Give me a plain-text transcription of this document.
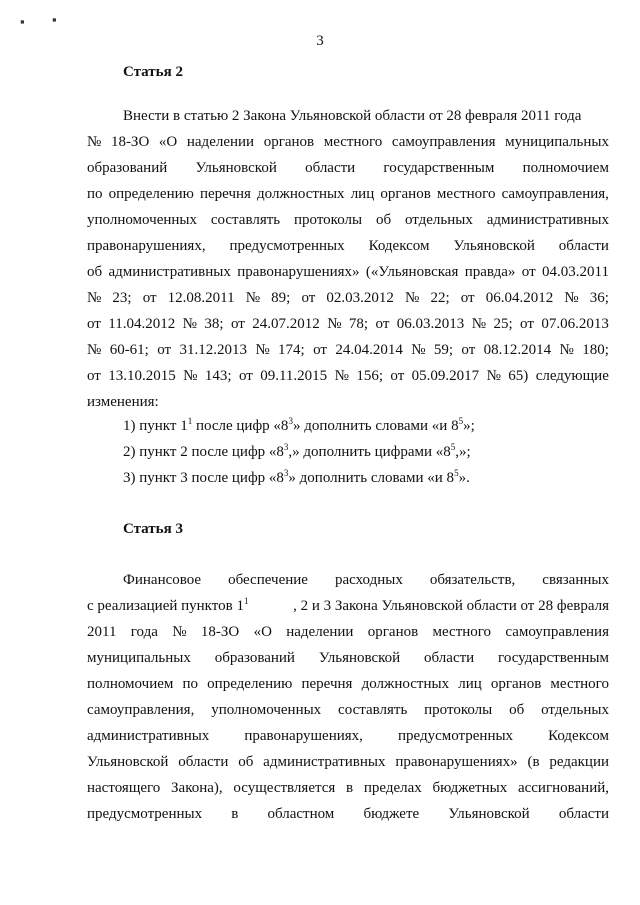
▪ ▪
3
Статья 2
Внести в статью 2 Закона Ульяновской области от 28 февраля 2011 года
№ 18-ЗО «О наделении органов местного самоуправления муниципальных
образований Ульяновской области государственным полномочием
по определению перечня должностных лиц органов местного самоуправления,
уполномоченных составлять протоколы об отдельных административных
правонарушениях, предусмотренных Кодексом Ульяновской области
об административных правонарушениях» («Ульяновская правда» от 04.03.2011
№ 23; от 12.08.2011 № 89; от 02.03.2012 № 22; от 06.04.2012 № 36;
от 11.04.2012 № 38; от 24.07.2012 № 78; от 06.03.2013 № 25; от 07.06.2013
№ 60-61; от 31.12.2013 № 174; от 24.04.2014 № 59; от 08.12.2014 № 180;
от 13.10.2015 № 143; от 09.11.2015 № 156; от 05.09.2017 № 65) следующие
изменения:
1) пункт $1^1$ после цифр «$8^3$» дополнить словами «и $8^5$»;
2) пункт 2 после цифр «$8^3$,» дополнить цифрами «$8^5$,»;
3) пункт 3 после цифр «$8^3$» дополнить словами «и $8^5$».
Статья 3
с реализацией пунктов $1^1$	, 2 и 3 Закона Ульяновской области от 28 февраля
Финансовое обеспечение расходных обязательств, связанных
2011 года № 18-ЗО «О наделении органов местного самоуправления
муниципальных образований Ульяновской области государственным
полномочием по определению перечня должностных лиц органов местного
самоуправления, уполномоченных составлять протоколы об отдельных
административных правонарушениях, предусмотренных Кодексом
Ульяновской области об административных правонарушениях» (в редакции
настоящего Закона), осуществляется в пределах бюджетных ассигнований,
предусмотренных в областном бюджете Ульяновской области
